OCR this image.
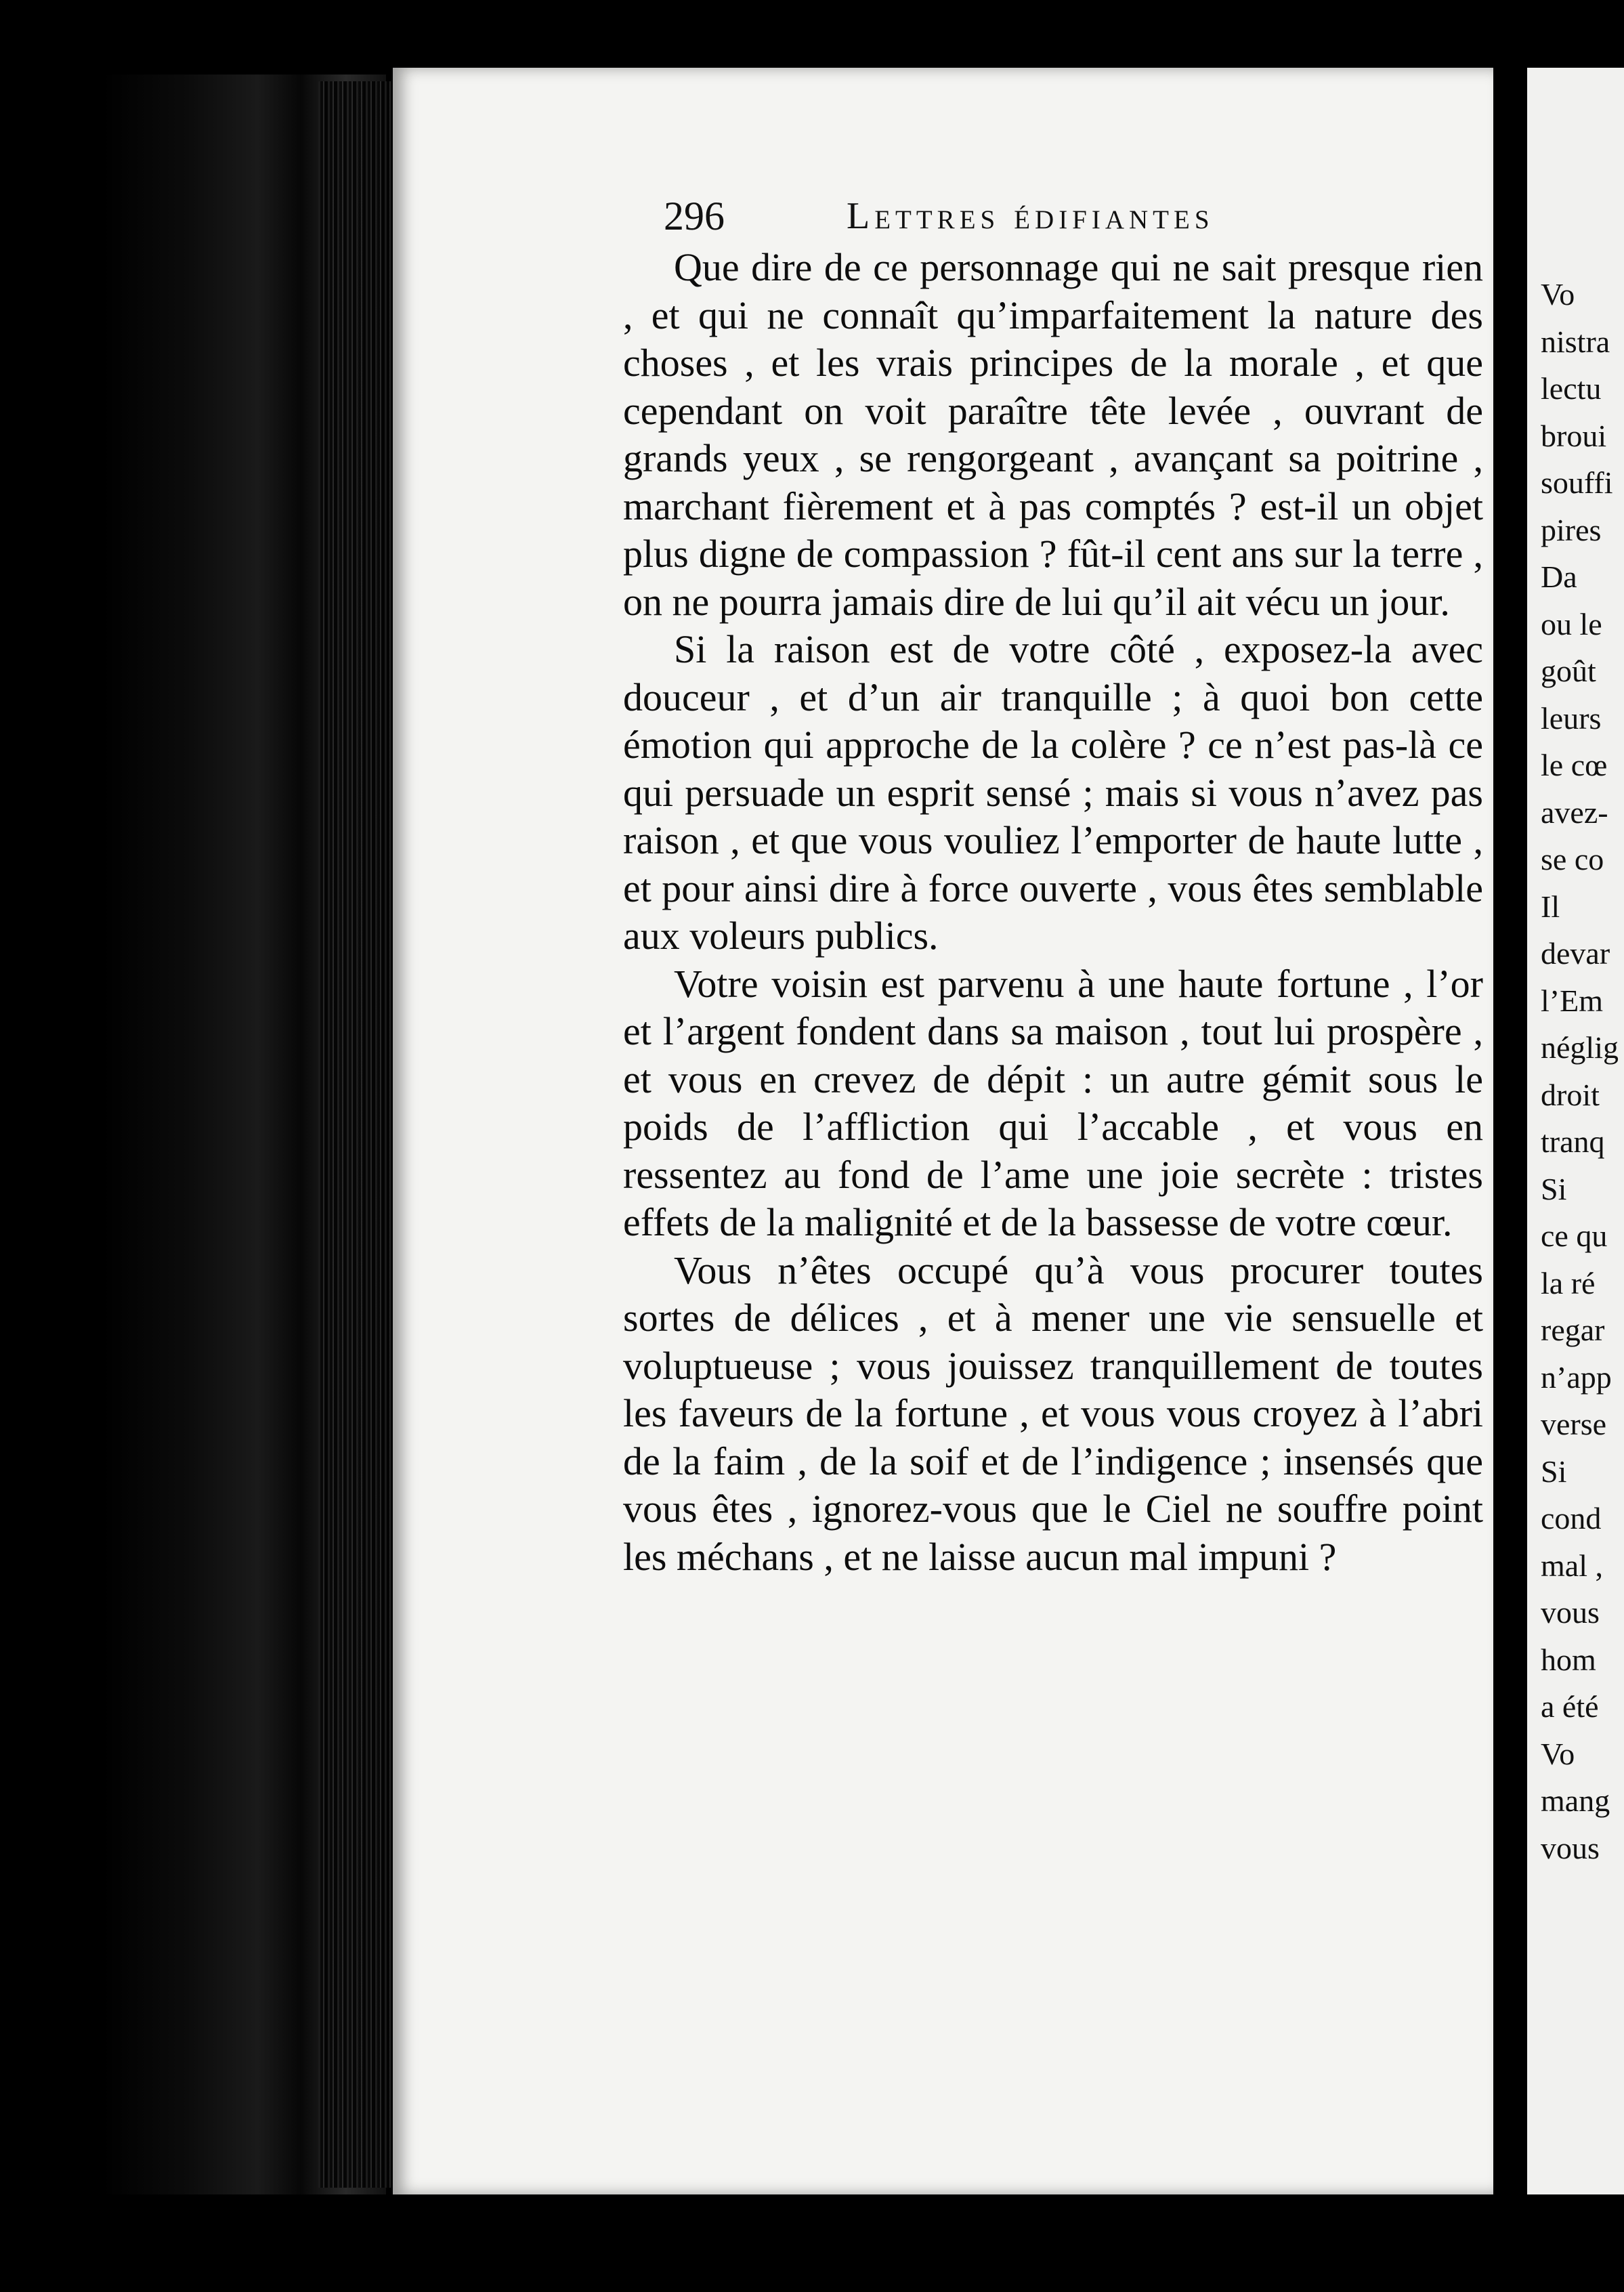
296	Lettres édifiantes

Que dire de ce personnage qui ne sait presque rien , et qui ne connaît qu’imparfaitement la nature des choses , et les vrais principes de la morale , et que cependant on voit paraître tête levée , ouvrant de grands yeux , se rengorgeant , avançant sa poitrine , marchant fièrement et à pas comptés ? est-il un objet plus digne de compassion ? fût-il cent ans sur la terre , on ne pourra jamais dire de lui qu’il ait vécu un jour.

Si la raison est de votre côté , exposez-la avec douceur , et d’un air tranquille ; à quoi bon cette émotion qui approche de la colère ? ce n’est pas-là ce qui persuade un esprit sensé ; mais si vous n’avez pas raison , et que vous vouliez l’emporter de haute lutte , et pour ainsi dire à force ouverte , vous êtes semblable aux voleurs publics.

Votre voisin est parvenu à une haute fortune , l’or et l’argent fondent dans sa maison , tout lui prospère , et vous en crevez de dépit : un autre gémit sous le poids de l’affliction qui l’accable , et vous en ressentez au fond de l’ame une joie secrète : tristes effets de la malignité et de la bassesse de votre cœur.

Vous n’êtes occupé qu’à vous procurer toutes sortes de délices , et à mener une vie sensuelle et voluptueuse ; vous jouissez tranquillement de toutes les faveurs de la fortune , et vous vous croyez à l’abri de la faim , de la soif et de l’indigence ; insensés que vous êtes , ignorez-vous que le Ciel ne souffre point les méchans , et ne laisse aucun mal impuni ?

Vo
nistra
lectu
broui
souffi
pires
Da
ou le
goût
leurs
le cœ
avez-
se co
Il
devar
l’Em
néglig
droit
tranq
Si
ce qu
la ré
regar
n’app
verse
Si
cond
mal ,
vous
hom
a été
Vo
mang
vous
